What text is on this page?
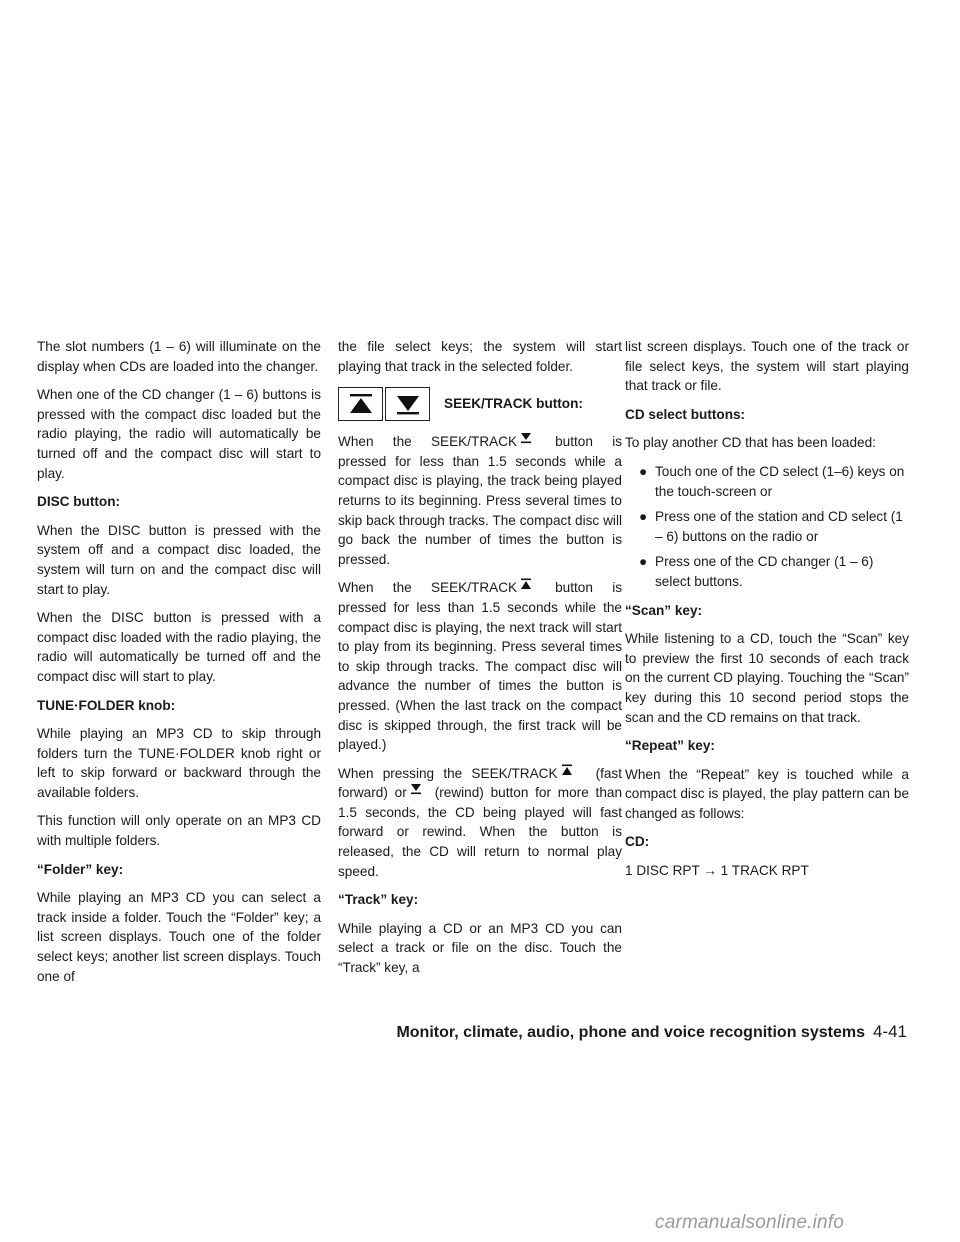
The slot numbers (1 – 6) will illuminate on the display when CDs are loaded into the changer.

When one of the CD changer (1 – 6) buttons is pressed with the compact disc loaded but the radio playing, the radio will automatically be turned off and the compact disc will start to play.

DISC button:

When the DISC button is pressed with the system off and a compact disc loaded, the system will turn on and the compact disc will start to play.

When the DISC button is pressed with a compact disc loaded with the radio playing, the radio will automatically be turned off and the compact disc will start to play.

TUNE·FOLDER knob:

While playing an MP3 CD to skip through folders turn the TUNE·FOLDER knob right or left to skip forward or backward through the available folders.

This function will only operate on an MP3 CD with multiple folders.

“Folder” key:

While playing an MP3 CD you can select a track inside a folder. Touch the “Folder” key; a list screen displays. Touch one of the folder select keys; another list screen displays. Touch one of

the file select keys; the system will start playing that track in the selected folder.

SEEK/TRACK button:

When the SEEK/TRACK	button is pressed for less than 1.5 seconds while a compact disc is playing, the track being played returns to its beginning. Press several times to skip back through tracks. The compact disc will go back the number of times the button is pressed.

When the SEEK/TRACK	button is pressed for less than 1.5 seconds while the compact disc is playing, the next track will start to play from its beginning. Press several times to skip through tracks. The compact disc will advance the number of times the button is pressed. (When the last track on the compact disc is skipped through, the first track will be played.)

When pressing the SEEK/TRACK	(fast forward) or (rewind) button for more than 1.5 seconds, the CD being played will fast forward or rewind. When the button is released, the CD will return to normal play speed.

“Track” key:

While playing a CD or an MP3 CD you can select a track or file on the disc. Touch the “Track” key, a

list screen displays. Touch one of the track or file select keys, the system will start playing that track or file.

CD select buttons:

To play another CD that has been loaded:

● Touch one of the CD select (1–6) keys on the touch-screen or
● Press one of the station and CD select (1 – 6) buttons on the radio or
● Press one of the CD changer (1 – 6) select buttons.
“Scan” key:

While listening to a CD, touch the “Scan” key to preview the first 10 seconds of each track on the current CD playing. Touching the “Scan” key during this 10 second period stops the scan and the CD remains on that track.

“Repeat” key:

When the “Repeat” key is touched while a compact disc is played, the play pattern can be changed as follows:

CD:

1 DISC RPT → 1 TRACK RPT

Monitor, climate, audio, phone and voice recognition systems 4-41
carmanualsonline.info
